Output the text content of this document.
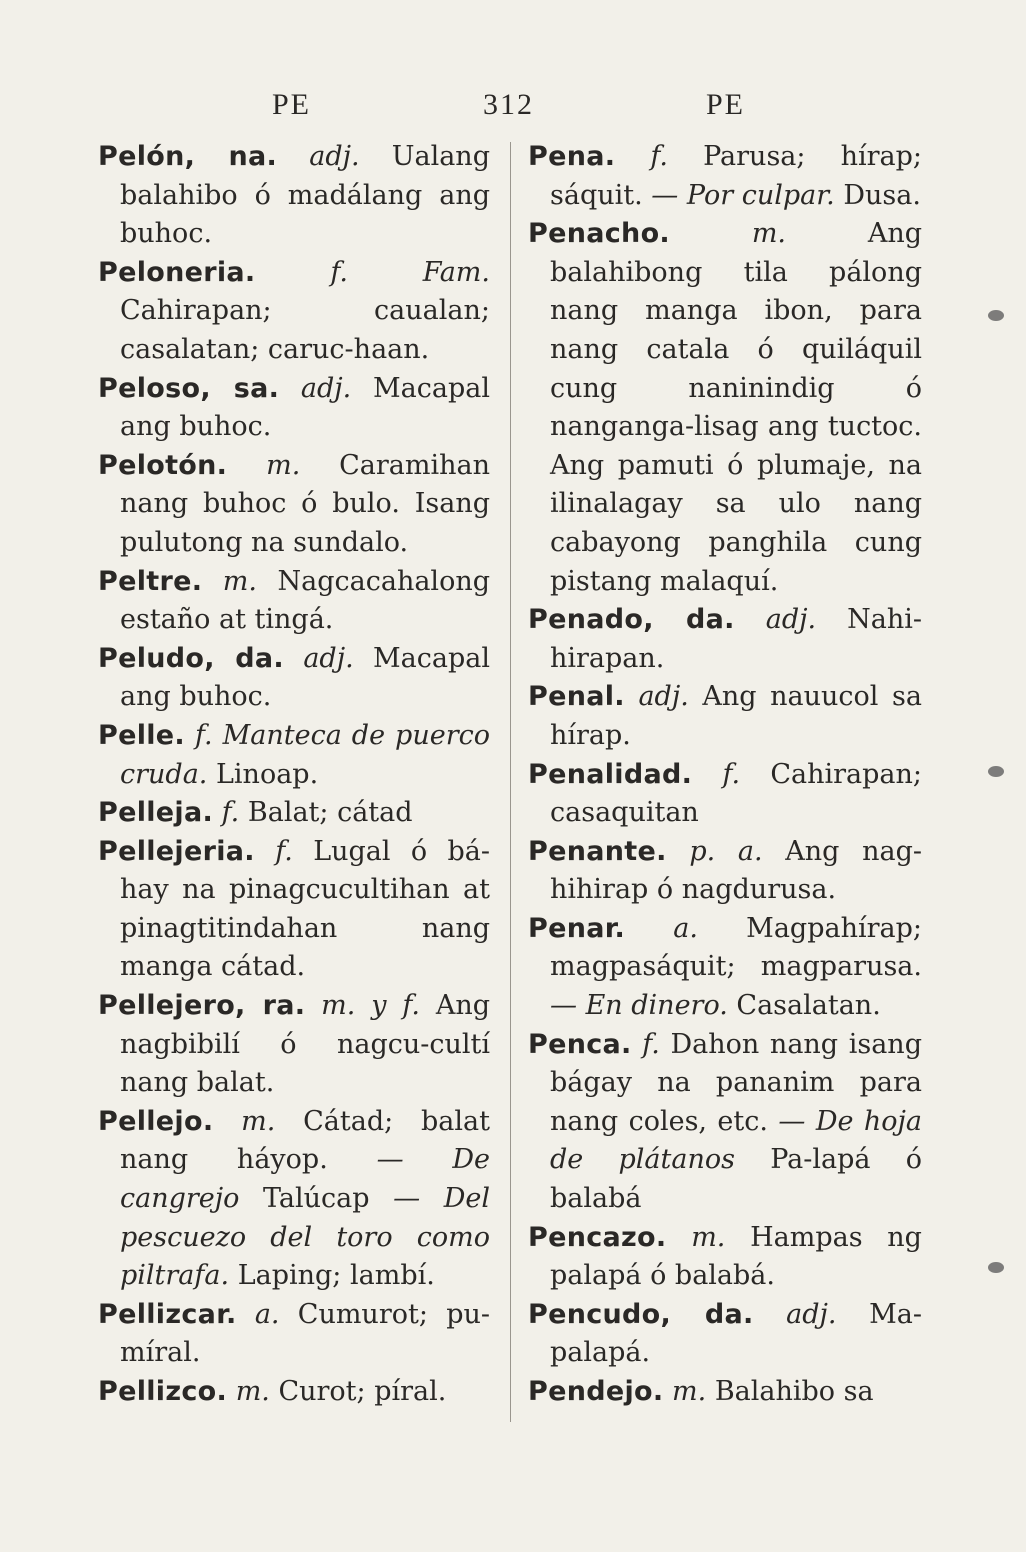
PE	312	PE

Pelón, na. adj. Ualang balahibo ó madálang ang buhoc.

Peloneria.	f. Fam. Cahirapan; caualan; casalatan; caruc-haan.

Peloso, sa. adj. Macapal ang buhoc.

Pelotón. m. Caramihan nang buhoc ó bulo. Isang pulutong na sundalo.

Peltre. m. Nagcacahalong estaño at tingá.

Peludo, da. adj. Macapal ang buhoc.

Pelle. f. Manteca de puerco cruda. Linoap.

Pelleja. f. Balat; cátad

Pellejeria. f. Lugal ó bá-hay na pinagcucultihan at pinagtitindahan nang manga cátad.

Pellejero, ra. m. y f. Ang nagbibilí ó nagcu-cultí nang balat.

Pellejo. m. Cátad; balat nang háyop. — De cangrejo Talúcap — Del pescuezo del toro como piltrafa. Laping; lambí.

Pellizcar. a. Cumurot; pu-míral.

Pellizco. m. Curot; píral.

Pena. f. Parusa; hírap; sáquit. — Por culpar. Dusa.

Penacho.	m.	Ang balahibong tila pálong nang manga ibon, para nang catala ó quiláquil cung naninindig ó nanganga-lisag ang tuctoc. Ang pamuti ó plumaje, na ilinalagay sa ulo nang cabayong panghila cung pistang malaquí.

Penado, da. adj. Nahi-hirapan.

Penal. adj. Ang nauucol sa hírap.

Penalidad. f. Cahirapan; casaquitan

Penante. p. a. Ang nag-hihirap ó nagdurusa.

Penar. a. Magpahírap; magpasáquit; magparusa. — En dinero. Casalatan.

Penca. f. Dahon nang isang bágay na pananim para nang coles, etc. — De hoja de plátanos Pa-lapá ó balabá

Pencazo. m. Hampas ng palapá ó balabá.

Pencudo, da. adj. Ma-palapá.

Pendejo. m. Balahibo sa
